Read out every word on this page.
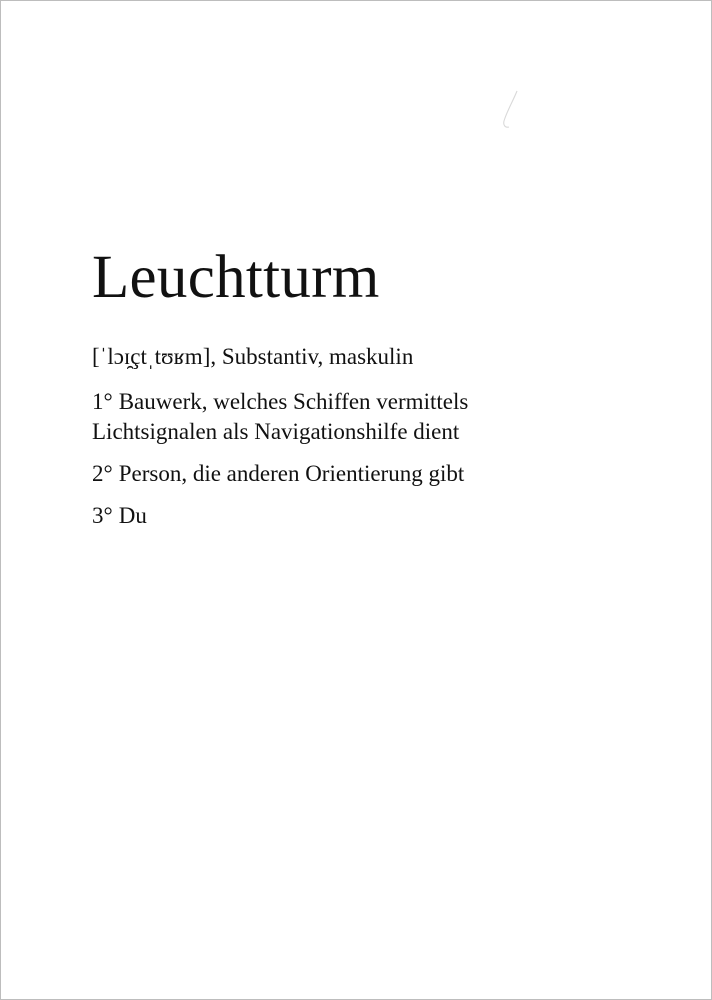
Leuchtturm

[ˈlɔɪ̯çtˌtʊʁm], Substantiv, maskulin

1° Bauwerk, welches Schiffen vermittels
Lichtsignalen als Navigationshilfe dient
2° Person, die anderen Orientierung gibt
3° Du
